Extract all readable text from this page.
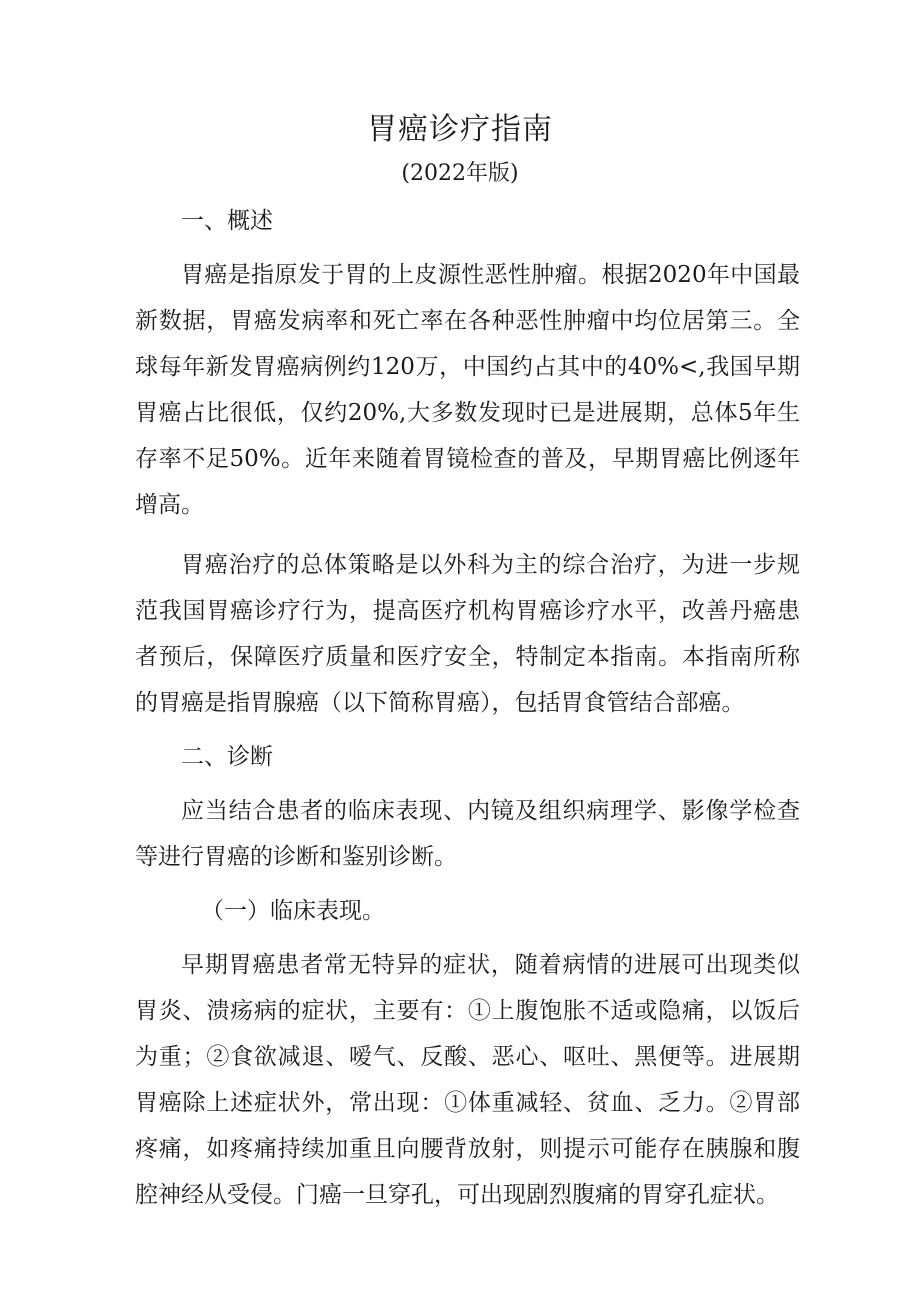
胃癌诊疗指南
(2022年版)

一、概述

胃癌是指原发于胃的上皮源性恶性肿瘤。根据2020年中国最新数据，胃癌发病率和死亡率在各种恶性肿瘤中均位居第三。全球每年新发胃癌病例约120万，中国约占其中的40%<,我国早期胃癌占比很低，仅约20%,大多数发现时已是进展期，总体5年生存率不足50%。近年来随着胃镜检查的普及，早期胃癌比例逐年增高。

胃癌治疗的总体策略是以外科为主的综合治疗，为进一步规范我国胃癌诊疗行为，提高医疗机构胃癌诊疗水平，改善丹癌患者预后，保障医疗质量和医疗安全，特制定本指南。本指南所称的胃癌是指胃腺癌（以下简称胃癌），包括胃食管结合部癌。

二、诊断

应当结合患者的临床表现、内镜及组织病理学、影像学检查等进行胃癌的诊断和鉴别诊断。

（一）临床表现。

早期胃癌患者常无特异的症状，随着病情的进展可出现类似胃炎、溃疡病的症状，主要有：①上腹饱胀不适或隐痛，以饭后为重；②食欲减退、嗳气、反酸、恶心、呕吐、黑便等。进展期胃癌除上述症状外，常出现：①体重减轻、贫血、乏力。②胃部疼痛，如疼痛持续加重且向腰背放射，则提示可能存在胰腺和腹腔神经从受侵。门癌一旦穿孔，可出现剧烈腹痛的胃穿孔症状。
